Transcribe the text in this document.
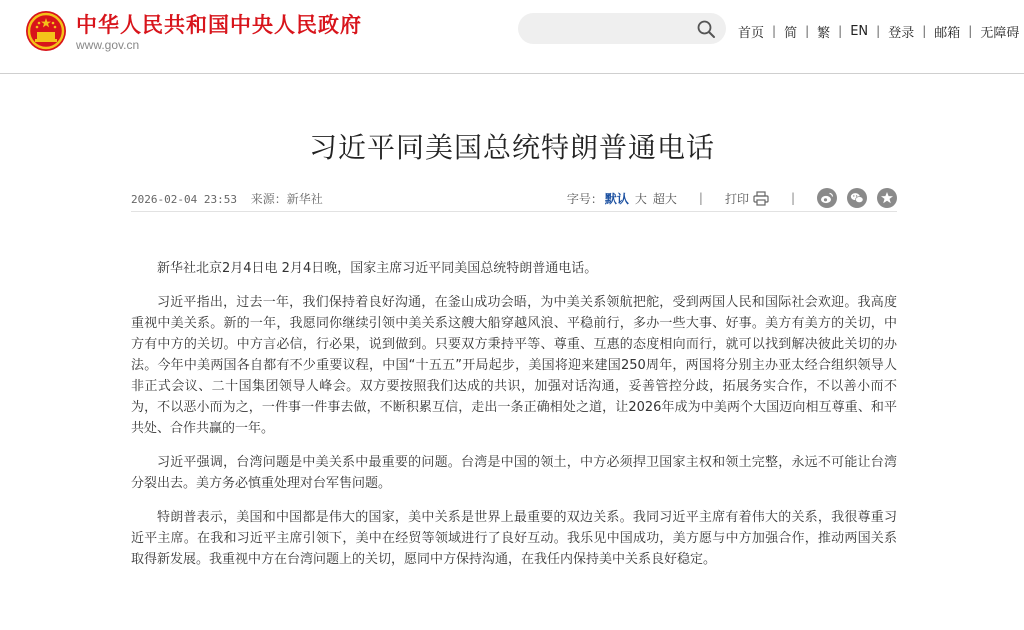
中华人民共和国中央人民政府
www.gov.cn
首页 | 简 | 繁 | EN | 登录 | 邮箱 | 无障碍
习近平同美国总统特朗普通电话
2026-02-04 23:53 来源：新华社	字号： 默认 大 超大 | 打印	|

新华社北京2月4日电 2月4日晚，国家主席习近平同美国总统特朗普通电话。

习近平指出，过去一年，我们保持着良好沟通，在釜山成功会晤，为中美关系领航把舵，受到两国人民和国际社会欢迎。我高度重视中美关系。新的一年，我愿同你继续引领中美关系这艘大船穿越风浪、平稳前行，多办一些大事、好事。美方有美方的关切，中方有中方的关切。中方言必信，行必果，说到做到。只要双方秉持平等、尊重、互惠的态度相向而行，就可以找到解决彼此关切的办法。今年中美两国各自都有不少重要议程，中国“十五五”开局起步，美国将迎来建国250周年，两国将分别主办亚太经合组织领导人非正式会议、二十国集团领导人峰会。双方要按照我们达成的共识，加强对话沟通，妥善管控分歧，拓展务实合作，不以善小而不为，不以恶小而为之，一件事一件事去做，不断积累互信，走出一条正确相处之道，让2026年成为中美两个大国迈向相互尊重、和平共处、合作共赢的一年。

习近平强调，台湾问题是中美关系中最重要的问题。台湾是中国的领土，中方必须捍卫国家主权和领土完整，永远不可能让台湾分裂出去。美方务必慎重处理对台军售问题。

特朗普表示，美国和中国都是伟大的国家，美中关系是世界上最重要的双边关系。我同习近平主席有着伟大的关系，我很尊重习近平主席。在我和习近平主席引领下，美中在经贸等领域进行了良好互动。我乐见中国成功，美方愿与中方加强合作，推动两国关系取得新发展。我重视中方在台湾问题上的关切，愿同中方保持沟通，在我任内保持美中关系良好稳定。
